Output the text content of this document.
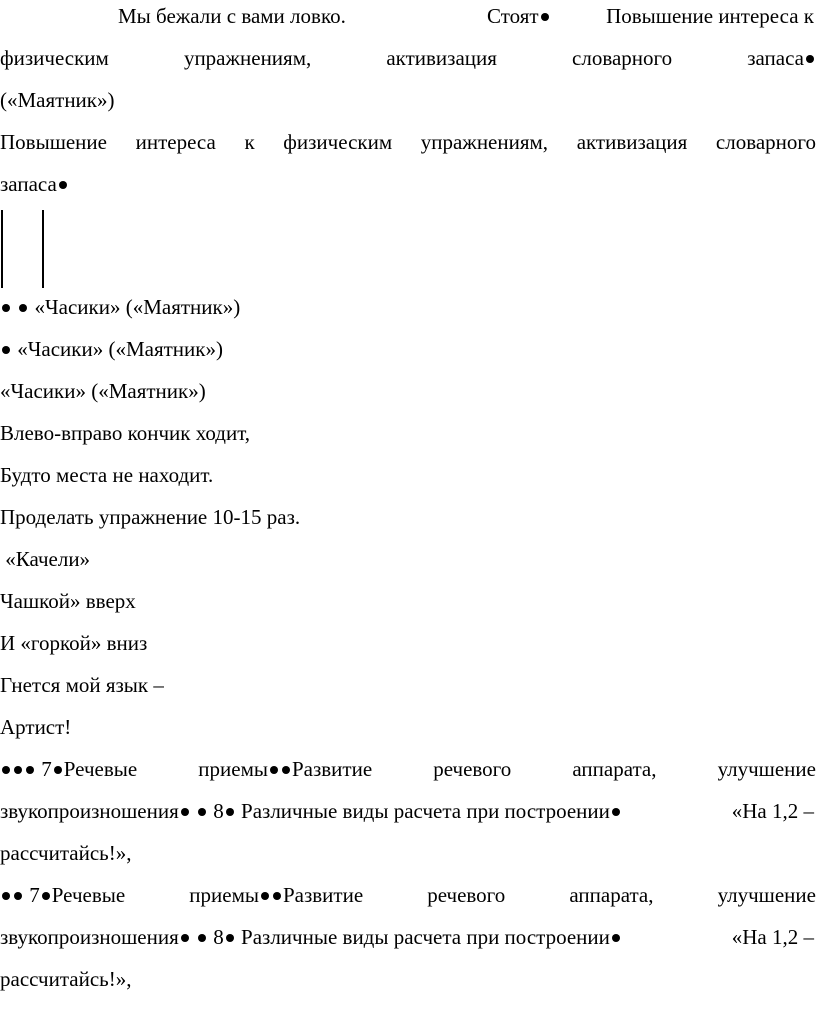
Мы бежали с вами ловко.	Стоят	Повышение интереса к
физическим	упражнениям,	активизация	словарного	запаса
(«Маятник»)
Повышение интереса к физическим упражнениям, активизация словарного
запаса
«Часики» («Маятник»)
«Часики» («Маятник»)
«Часики» («Маятник»)
Влево-вправо кончик ходит,
Будто места не находит.
Проделать упражнение 10-15 раз.
«Качели»
Чашкой» вверх
И «горкой» вниз
Гнется мой язык –
Артист!
7 Речевые	приемы Развитие	речевого	аппарата,	улучшение
звукопроизношения 8 Различные виды расчета при построении	«На 1,2 –
рассчитайсь!»,
7 Речевые	приемы Развитие	речевого	аппарата,	улучшение
звукопроизношения 8 Различные виды расчета при построении	«На 1,2 –
рассчитайсь!»,
